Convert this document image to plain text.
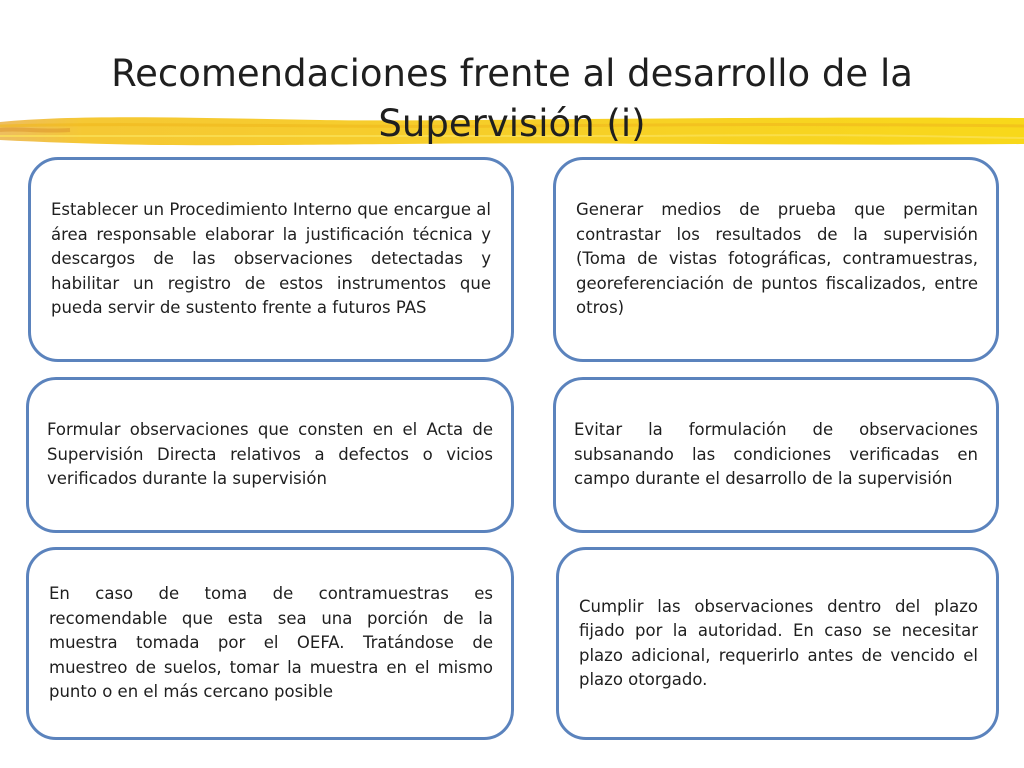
Recomendaciones frente al desarrollo de la Supervisión (i)

Establecer un Procedimiento Interno que encargue al área responsable elaborar la justificación técnica y descargos de las observaciones detectadas y habilitar un registro de estos instrumentos que pueda servir de sustento frente a futuros PAS

Generar medios de prueba que permitan contrastar los resultados de la supervisión (Toma de vistas fotográficas, contramuestras, georeferenciación de puntos fiscalizados, entre otros)

Formular observaciones que consten en el Acta de Supervisión Directa relativos a defectos o vicios verificados durante la supervisión

Evitar la formulación de observaciones subsanando las condiciones verificadas en campo durante el desarrollo de la supervisión

En caso de toma de contramuestras es recomendable que esta sea una porción de la muestra tomada por el OEFA. Tratándose de muestreo de suelos, tomar la muestra en el mismo punto o en el más cercano posible

Cumplir las observaciones dentro del plazo fijado por la autoridad. En caso se necesitar plazo adicional, requerirlo antes de vencido el plazo otorgado.
